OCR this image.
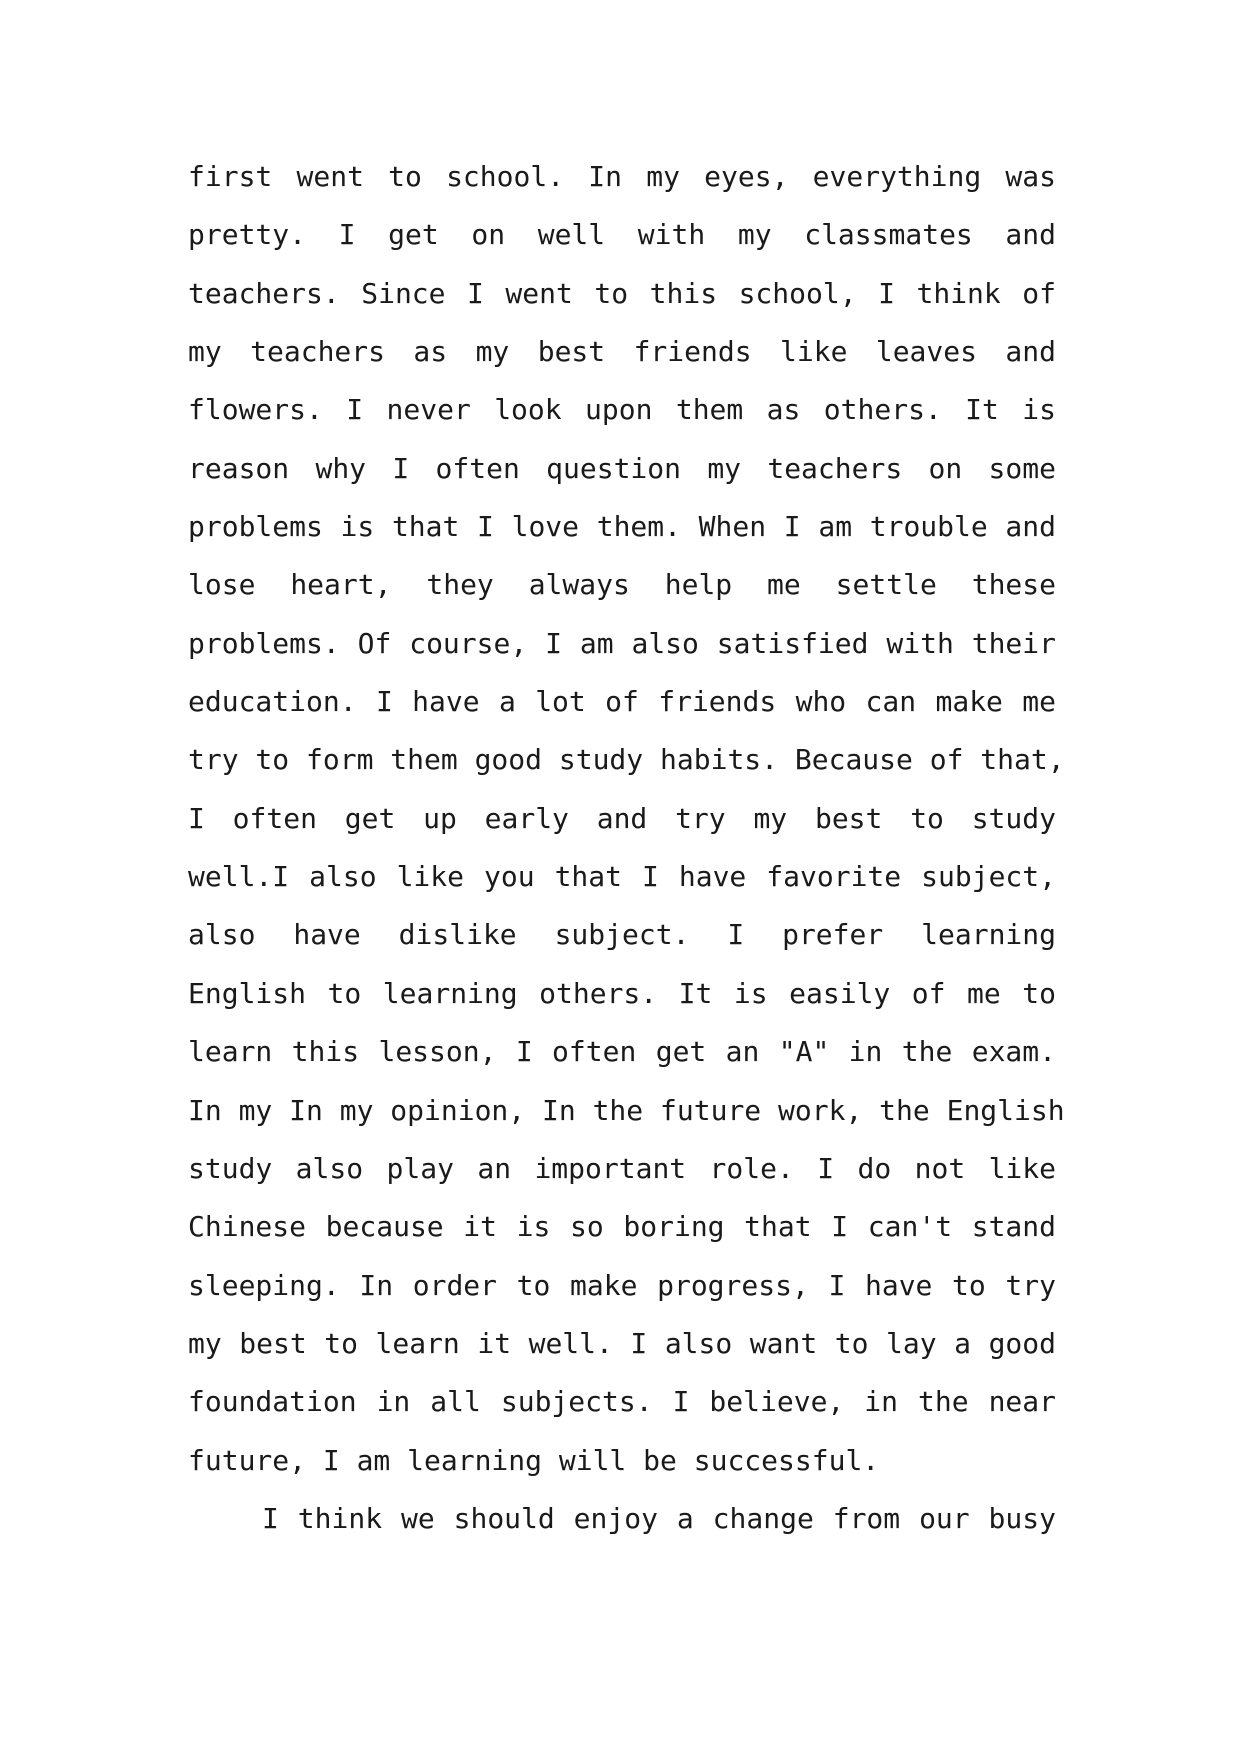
first went to school. In my eyes, everything was
pretty. I get on well with my classmates and
teachers. Since I went to this school, I think of
my teachers as my best friends like leaves and
flowers. I never look upon them as others. It is
reason why I often question my teachers on some
problems is that I love them. When I am trouble and
lose heart, they always help me settle these
problems. Of course, I am also satisfied with their
education. I have a lot of friends who can make me
try to form them good study habits. Because of that,
I often get up early and try my best to study
well.I also like you that I have favorite subject,
also have dislike subject. I prefer learning
English to learning others. It is easily of me to
learn this lesson, I often get an "A" in the exam.
In my In my opinion, In the future work, the English
study also play an important role. I do not like
Chinese because it is so boring that I can't stand
sleeping. In order to make progress, I have to try
my best to learn it well. I also want to lay a good
foundation in all subjects. I believe, in the near
future, I am learning will be successful.
I think we should enjoy a change from our busy
